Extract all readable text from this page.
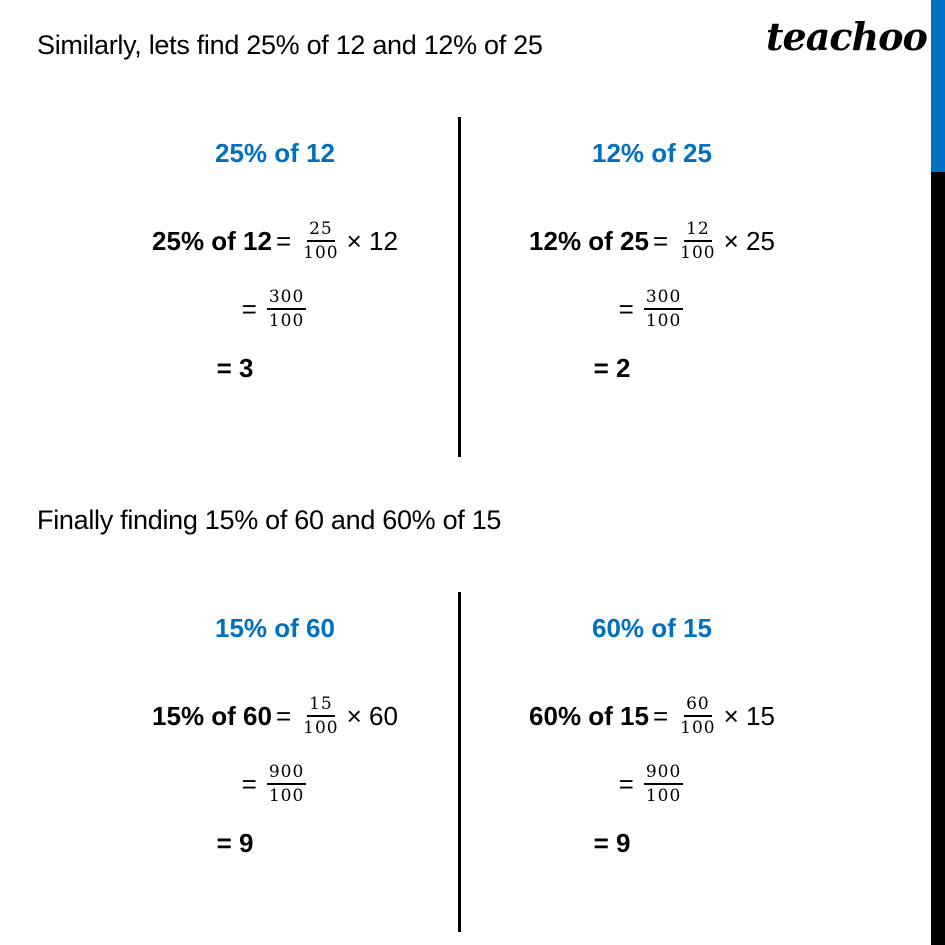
Similarly, lets find 25% of 12 and 12% of 25	teachoo
25% of 12
25% of $12 = \frac{25}{100} \times 12$
= $\frac{300}{100}$
= 3
12% of 25
12% of $25 = \frac{12}{100} \times 25$
= $\frac{300}{100}$
= 2
Finally finding 15% of 60 and 60% of 15
15% of 60
15% of $60 = \frac{15}{100} \times 60$
= $\frac{900}{100}$
= 9
60% of 15
60% of $15 = \frac{60}{100} \times 15$
= $\frac{900}{100}$
= 9
